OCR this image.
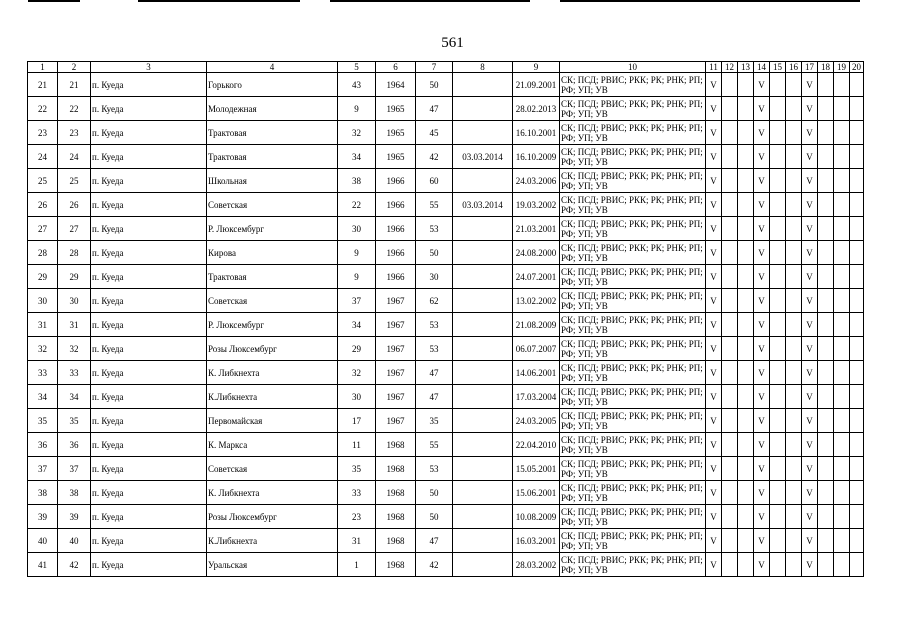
561
1	2	3	4	5	6	7	8	9	10	11	12	13	14	15	16	17	18	19	20
21	21	п. Куеда	Горького	43	1964	50		21.09.2001	СК; ПСД; РВИС; РКК; РК; РНК; РП; РФ; УП; УВ	V			V			V			
22	22	п. Куеда	Молодежная	9	1965	47		28.02.2013	СК; ПСД; РВИС; РКК; РК; РНК; РП; РФ; УП; УВ	V			V			V			
23	23	п. Куеда	Трактовая	32	1965	45		16.10.2001	СК; ПСД; РВИС; РКК; РК; РНК; РП; РФ; УП; УВ	V			V			V			
24	24	п. Куеда	Трактовая	34	1965	42	03.03.2014	16.10.2009	СК; ПСД; РВИС; РКК; РК; РНК; РП; РФ; УП; УВ	V			V			V			
25	25	п. Куеда	Школьная	38	1966	60		24.03.2006	СК; ПСД; РВИС; РКК; РК; РНК; РП; РФ; УП; УВ	V			V			V			
26	26	п. Куеда	Советская	22	1966	55	03.03.2014	19.03.2002	СК; ПСД; РВИС; РКК; РК; РНК; РП; РФ; УП; УВ	V			V			V			
27	27	п. Куеда	Р. Люксембург	30	1966	53		21.03.2001	СК; ПСД; РВИС; РКК; РК; РНК; РП; РФ; УП; УВ	V			V			V			
28	28	п. Куеда	Кирова	9	1966	50		24.08.2000	СК; ПСД; РВИС; РКК; РК; РНК; РП; РФ; УП; УВ	V			V			V			
29	29	п. Куеда	Трактовая	9	1966	30		24.07.2001	СК; ПСД; РВИС; РКК; РК; РНК; РП; РФ; УП; УВ	V			V			V			
30	30	п. Куеда	Советская	37	1967	62		13.02.2002	СК; ПСД; РВИС; РКК; РК; РНК; РП; РФ; УП; УВ	V			V			V			
31	31	п. Куеда	Р. Люксембург	34	1967	53		21.08.2009	СК; ПСД; РВИС; РКК; РК; РНК; РП; РФ; УП; УВ	V			V			V			
32	32	п. Куеда	Розы Люксембург	29	1967	53		06.07.2007	СК; ПСД; РВИС; РКК; РК; РНК; РП; РФ; УП; УВ	V			V			V			
33	33	п. Куеда	К. Либкнехта	32	1967	47		14.06.2001	СК; ПСД; РВИС; РКК; РК; РНК; РП; РФ; УП; УВ	V			V			V			
34	34	п. Куеда	К.Либкнехта	30	1967	47		17.03.2004	СК; ПСД; РВИС; РКК; РК; РНК; РП; РФ; УП; УВ	V			V			V			
35	35	п. Куеда	Первомайская	17	1967	35		24.03.2005	СК; ПСД; РВИС; РКК; РК; РНК; РП; РФ; УП; УВ	V			V			V			
36	36	п. Куеда	К. Маркса	11	1968	55		22.04.2010	СК; ПСД; РВИС; РКК; РК; РНК; РП; РФ; УП; УВ	V			V			V			
37	37	п. Куеда	Советская	35	1968	53		15.05.2001	СК; ПСД; РВИС; РКК; РК; РНК; РП; РФ; УП; УВ	V			V			V			
38	38	п. Куеда	К. Либкнехта	33	1968	50		15.06.2001	СК; ПСД; РВИС; РКК; РК; РНК; РП; РФ; УП; УВ	V			V			V			
39	39	п. Куеда	Розы Люксембург	23	1968	50		10.08.2009	СК; ПСД; РВИС; РКК; РК; РНК; РП; РФ; УП; УВ	V			V			V			
40	40	п. Куеда	К.Либкнехта	31	1968	47		16.03.2001	СК; ПСД; РВИС; РКК; РК; РНК; РП; РФ; УП; УВ	V			V			V			
41	42	п. Куеда	Уральская	1	1968	42		28.03.2002	СК; ПСД; РВИС; РКК; РК; РНК; РП; РФ; УП; УВ	V			V			V			
